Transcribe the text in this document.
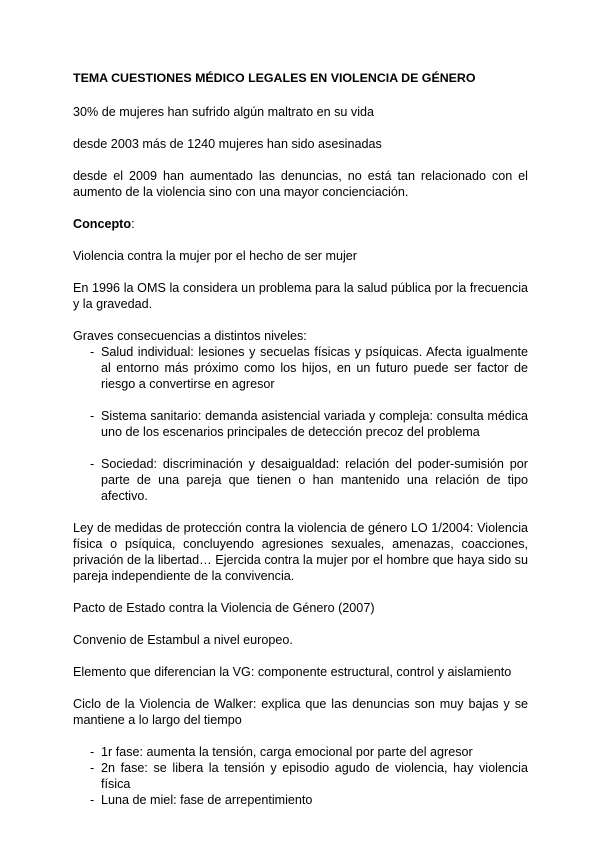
TEMA CUESTIONES MÉDICO LEGALES EN VIOLENCIA DE GÉNERO

30% de mujeres han sufrido algún maltrato en su vida

desde 2003 más de 1240 mujeres han sido asesinadas

desde el 2009 han aumentado las denuncias, no está tan relacionado con el aumento de la violencia sino con una mayor concienciación.

Concepto:

Violencia contra la mujer por el hecho de ser mujer

En 1996 la OMS la considera un problema para la salud pública por la frecuencia y la gravedad.

Graves consecuencias a distintos niveles:

- Salud individual: lesiones y secuelas físicas y psíquicas. Afecta igualmente al entorno más próximo como los hijos, en un futuro puede ser factor de riesgo a convertirse en agresor
- Sistema sanitario: demanda asistencial variada y compleja: consulta médica uno de los escenarios principales de detección precoz del problema
- Sociedad: discriminación y desaigualdad: relación del poder-sumisión por parte de una pareja que tienen o han mantenido una relación de tipo afectivo.

Ley de medidas de protección contra la violencia de género LO 1/2004: Violencia física o psíquica, concluyendo agresiones sexuales, amenazas, coacciones, privación de la libertad… Ejercida contra la mujer por el hombre que haya sido su pareja independiente de la convivencia.

Pacto de Estado contra la Violencia de Género (2007)

Convenio de Estambul a nivel europeo.

Elemento que diferencian la VG: componente estructural, control y aislamiento

Ciclo de la Violencia de Walker: explica que las denuncias son muy bajas y se mantiene a lo largo del tiempo

- 1r fase: aumenta la tensión, carga emocional por parte del agresor
- 2n fase: se libera la tensión y episodio agudo de violencia, hay violencia física
- Luna de miel: fase de arrepentimiento
